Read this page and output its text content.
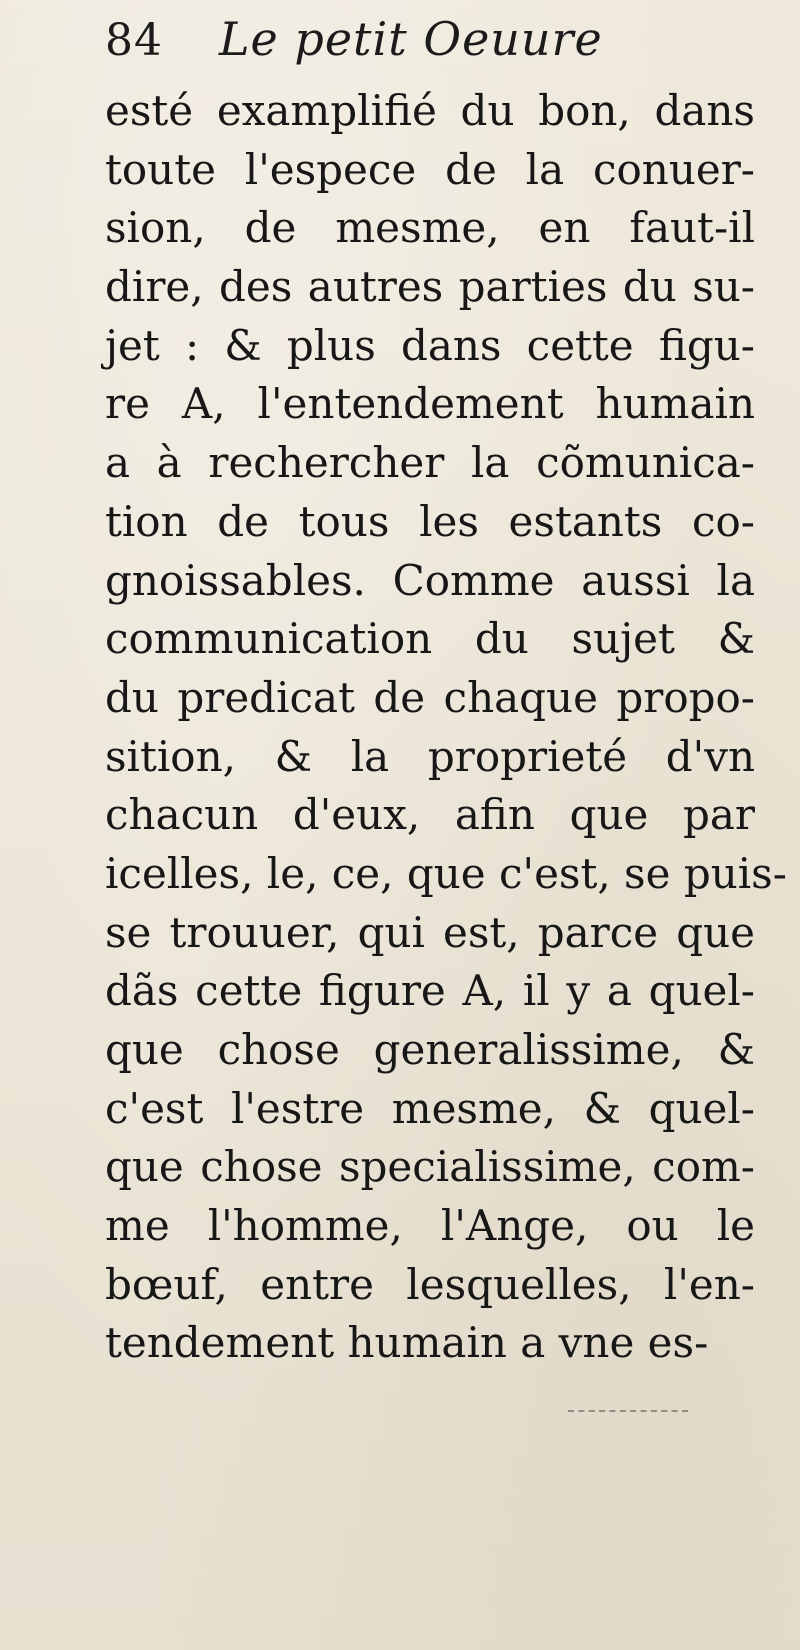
84 Le petit Oeuure
esté examplifié du bon, dans
toute l'espece de la conuer-
sion, de mesme, en faut-il
dire, des autres parties du su-
jet : & plus dans cette figu-
re A, l'entendement humain
a à rechercher la cõmunica-
tion de tous les estants co-
gnoissables. Comme aussi la
communication du sujet &
du predicat de chaque propo-
sition, & la proprieté d'vn
chacun d'eux, afin que par
icelles, le, ce, que c'est, se puis-
se trouuer, qui est, parce que
dãs cette figure A, il y a quel-
que chose generalissime, &
c'est l'estre mesme, & quel-
que chose specialissime, com-
me l'homme, l'Ange, ou le
bœuf, entre lesquelles, l'en-
tendement humain a vne es-
